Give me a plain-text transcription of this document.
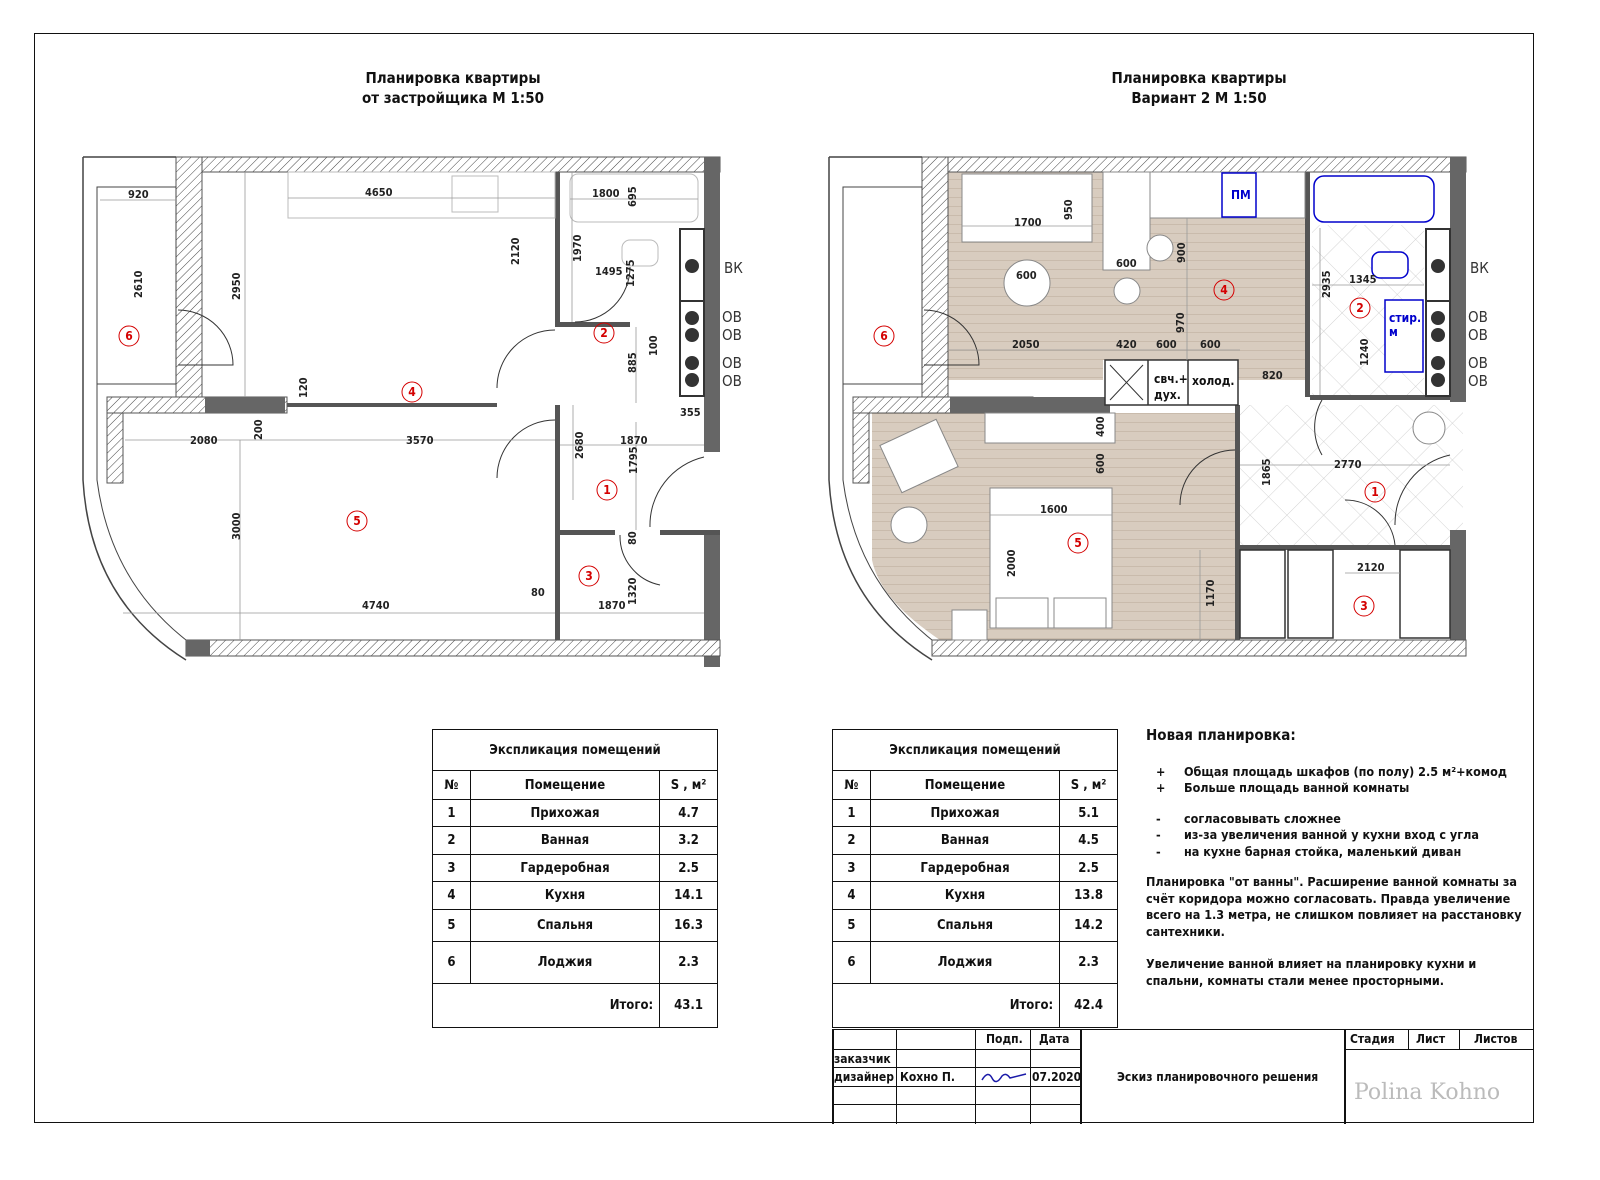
Планировка квартиры
от застройщика М 1:50
Планировка квартиры
Вариант 2 М 1:50
920	4650	1800 695
2610	2950
2120	1970
1495 1275
885
100
355
120
2080
200
3570	2680	1870
1795
3000	80
1320
4740
80
1870
6
4
2
5
1
3
ВК
ОВ
ОВ
ОВ
ОВ
1700
950
600
900
600
970
2050	420 600 600
820
2935 1345
1240
400
600
1600
1865	2770
2000
1170
2120
ПМ
стир.
м
свч.+
дух.
холод.
6
4
2
5
1
3
ВК
ОВ
ОВ
ОВ
ОВ
Экспликация помещений		
№	Помещение	S , м²
1	Прихожая	4.7
2	Ванная	3.2
3	Гардеробная	2.5
4	Кухня	14.1
5	Спальня	16.3
6	Лоджия	2.3
Итого:		43.1
Экспликация помещений		
№	Помещение	S , м²
1	Прихожая	5.1
2	Ванная	4.5
3	Гардеробная	2.5
4	Кухня	13.8
5	Спальня	14.2
6	Лоджия	2.3
Итого:		42.4
Новая планировка:
+ Общая площадь шкафов (по полу) 2.5 м²+комод
+ Больше площадь ванной комнаты
- согласовывать сложнее
- из-за увеличения ванной у кухни вход с угла
- на кухне барная стойка, маленький диван

Планировка "от ванны". Расширение ванной комнаты за счёт коридора можно согласовать. Правда увеличение всего на 1.3 метра, не слишком повлияет на расстановку сантехники.

Увеличение ванной влияет на планировку кухни и спальни, комнаты стали менее просторными.

Подп. Дата
заказчик
дизайнер Кохно П.	07.2020	Эскиз планировочного решения
Стадия Лист Листов
Polina Kohno
